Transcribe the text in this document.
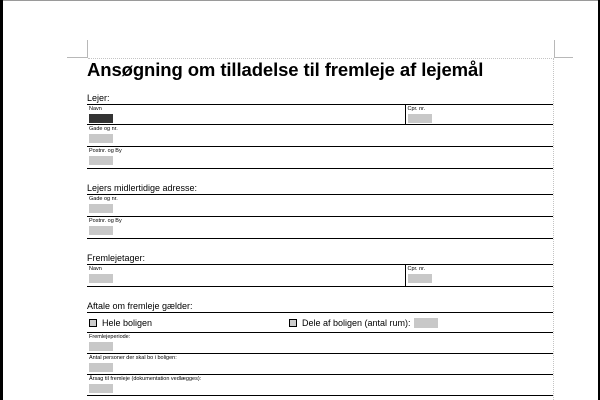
Ansøgning om tilladelse til fremleje af lejemål
Lejer:
Navn	Cpr. nr.

Gade og nr.

Postnr. og By
Lejers midlertidige adresse:
Gade og nr.

Postnr. og By
Fremlejetager:
Navn	Cpr. nr.
Aftale om fremleje gælder:
Hele boligen	Dele af boligen (antal rum):

Fremlejeperiode:

Antal personer der skal bo i boligen:

Årsag til fremleje (dokumentation vedlægges):
